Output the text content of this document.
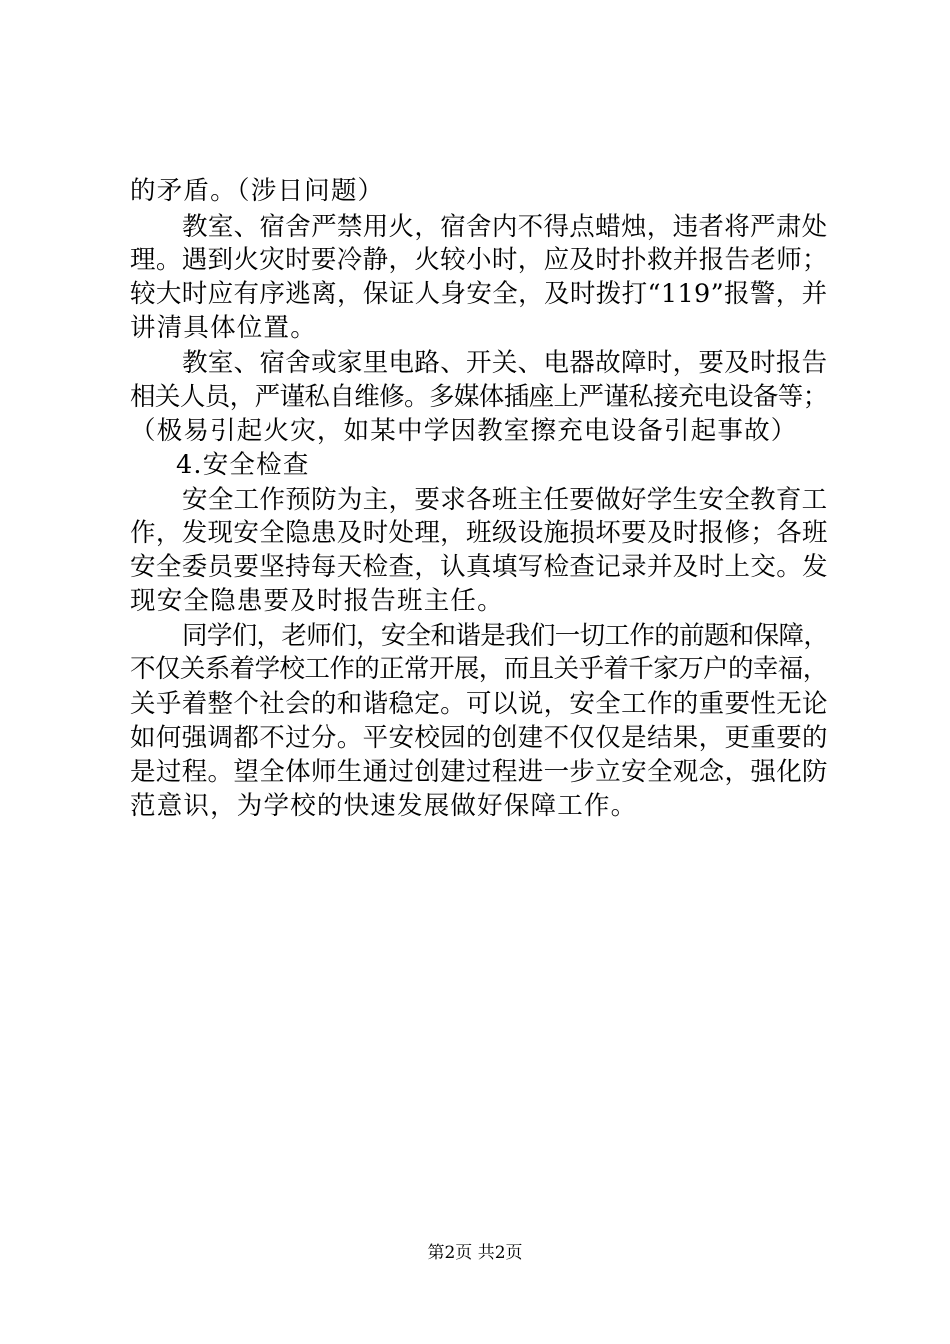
的矛盾。（涉日问题）
教室、宿舍严禁用火，宿舍内不得点蜡烛，违者将严肃处
理。遇到火灾时要冷静，火较小时，应及时扑救并报告老师；
较大时应有序逃离，保证人身安全，及时拨打“119”报警，并
讲清具体位置。
教室、宿舍或家里电路、开关、电器故障时，要及时报告
相关人员，严谨私自维修。多媒体插座上严谨私接充电设备等；
（极易引起火灾，如某中学因教室擦充电设备引起事故）
4.安全检查
安全工作预防为主，要求各班主任要做好学生安全教育工
作，发现安全隐患及时处理，班级设施损坏要及时报修；各班
安全委员要坚持每天检查，认真填写检查记录并及时上交。发
现安全隐患要及时报告班主任。
同学们，老师们，安全和谐是我们一切工作的前题和保障，
不仅关系着学校工作的正常开展，而且关乎着千家万户的幸福，
关乎着整个社会的和谐稳定。可以说，安全工作的重要性无论
如何强调都不过分。平安校园的创建不仅仅是结果，更重要的
是过程。望全体师生通过创建过程进一步立安全观念，强化防
范意识，为学校的快速发展做好保障工作。
第2页 共2页
